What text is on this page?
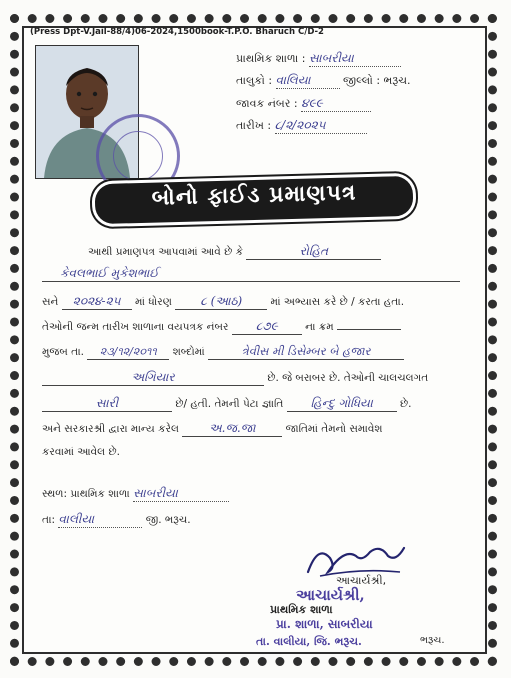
(Press Dpt-V.Jail-88/4)06-2024,1500book-T.P.O. Bharuch C/D-2
પ્રાથમિક શાળા : સાબરીયા
તાલુકો : વાલિયા	જીલ્લો : ભરૂચ.
જાવક નંબર : ૪૯૯
તારીખ : ૮/૨/૨૦૨૫
બોનો ફાઈડ પ્રમાણપત્ર
આથી પ્રમાણપત્ર આપવામાં આવે છે કે	રોહિત
કેવલભાઈ મુકેશભાઈ
સને ૨૦૨૪-૨૫ માં ધોરણ ૮ (આઠ)	માં અભ્યાસ કરે છે / કરતા હતા.
તેઓની જન્મ તારીખ શાળાના વયપત્રક નંબર ૮૭૯	ના ક્રમ
મુજબ તા. ૨૩/૧૨/૨૦૧૧ શબ્દોમાં	ત્રેવીસ મી ડિસેમ્બર બે હજાર
અગિયાર	છે. જે બરાબર છે. તેઓની ચાલચલગત
સારી	છે/ હતી. તેમની પેટા જ્ઞાતિ હિન્દુ ગોધિયા	છે.
અને સરકારશ્રી દ્વારા માન્ય કરેલ	અ.જ.જા	જાતિમાં તેમનો સમાવેશ
કરવામાં આવેલ છે.
સ્થળ: પ્રાથમિક શાળા સાબરીયા
તા: વાલીયા	જી. ભરૂચ.
આચાર્યશ્રી,
આચાર્યશ્રી,
પ્રાથમિક શાળા
પ્રા. શાળા, સાબરીયા
તા. વાલીયા, જિ. ભરૂચ.	ભરૂચ.
